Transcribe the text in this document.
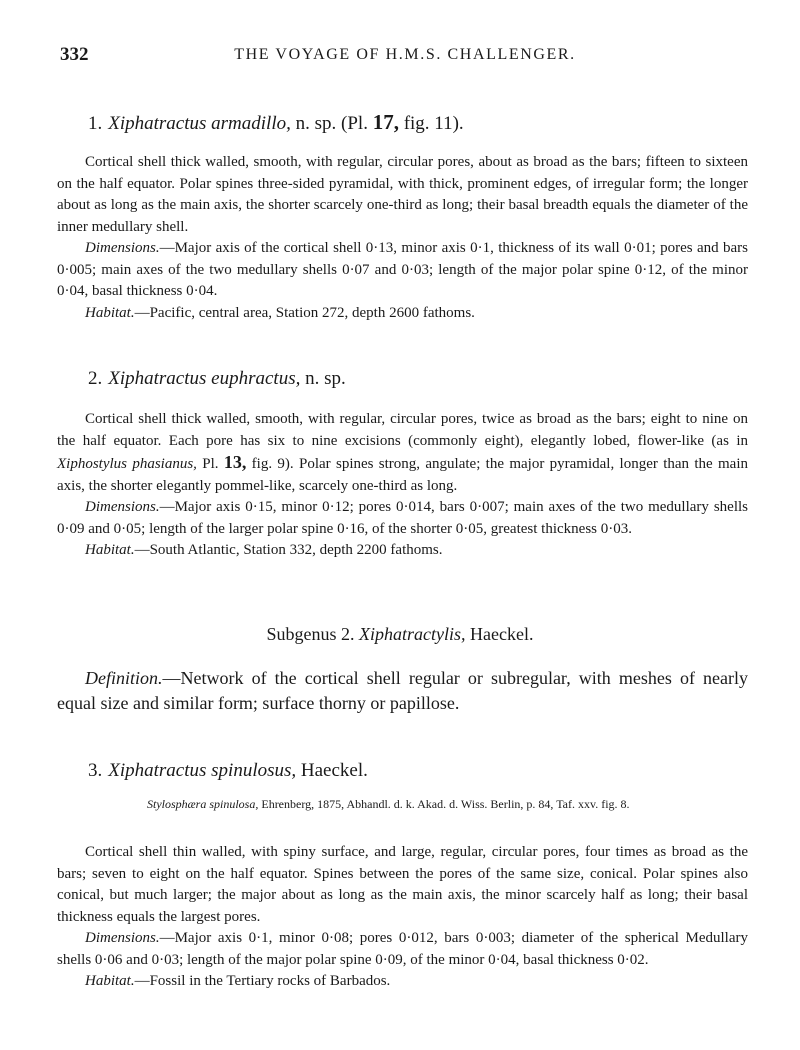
332	THE VOYAGE OF H.M.S. CHALLENGER.
1. Xiphatractus armadillo, n. sp. (Pl. 17, fig. 11).

Cortical shell thick walled, smooth, with regular, circular pores, about as broad as the bars; fifteen to sixteen on the half equator. Polar spines three-sided pyramidal, with thick, prominent edges, of irregular form; the longer about as long as the main axis, the shorter scarcely one-third as long; their basal breadth equals the diameter of the inner medullary shell.

Dimensions.—Major axis of the cortical shell 0·13, minor axis 0·1, thickness of its wall 0·01; pores and bars 0·005; main axes of the two medullary shells 0·07 and 0·03; length of the major polar spine 0·12, of the minor 0·04, basal thickness 0·04.

Habitat.—Pacific, central area, Station 272, depth 2600 fathoms.

2. Xiphatractus euphractus, n. sp.

Cortical shell thick walled, smooth, with regular, circular pores, twice as broad as the bars; eight to nine on the half equator. Each pore has six to nine excisions (commonly eight), elegantly lobed, flower-like (as in Xiphostylus phasianus, Pl. 13, fig. 9). Polar spines strong, angulate; the major pyramidal, longer than the main axis, the shorter elegantly pommel-like, scarcely one-third as long.

Dimensions.—Major axis 0·15, minor 0·12; pores 0·014, bars 0·007; main axes of the two medullary shells 0·09 and 0·05; length of the larger polar spine 0·16, of the shorter 0·05, greatest thickness 0·03.

Habitat.—South Atlantic, Station 332, depth 2200 fathoms.

Subgenus 2. Xiphatractylis, Haeckel.

Definition.—Network of the cortical shell regular or subregular, with meshes of nearly equal size and similar form; surface thorny or papillose.

3. Xiphatractus spinulosus, Haeckel.

Stylosphæra spinulosa, Ehrenberg, 1875, Abhandl. d. k. Akad. d. Wiss. Berlin, p. 84, Taf. xxv. fig. 8.

Cortical shell thin walled, with spiny surface, and large, regular, circular pores, four times as broad as the bars; seven to eight on the half equator. Spines between the pores of the same size, conical. Polar spines also conical, but much larger; the major about as long as the main axis, the minor scarcely half as long; their basal thickness equals the largest pores.

Dimensions.—Major axis 0·1, minor 0·08; pores 0·012, bars 0·003; diameter of the spherical Medullary shells 0·06 and 0·03; length of the major polar spine 0·09, of the minor 0·04, basal thickness 0·02.

Habitat.—Fossil in the Tertiary rocks of Barbados.
